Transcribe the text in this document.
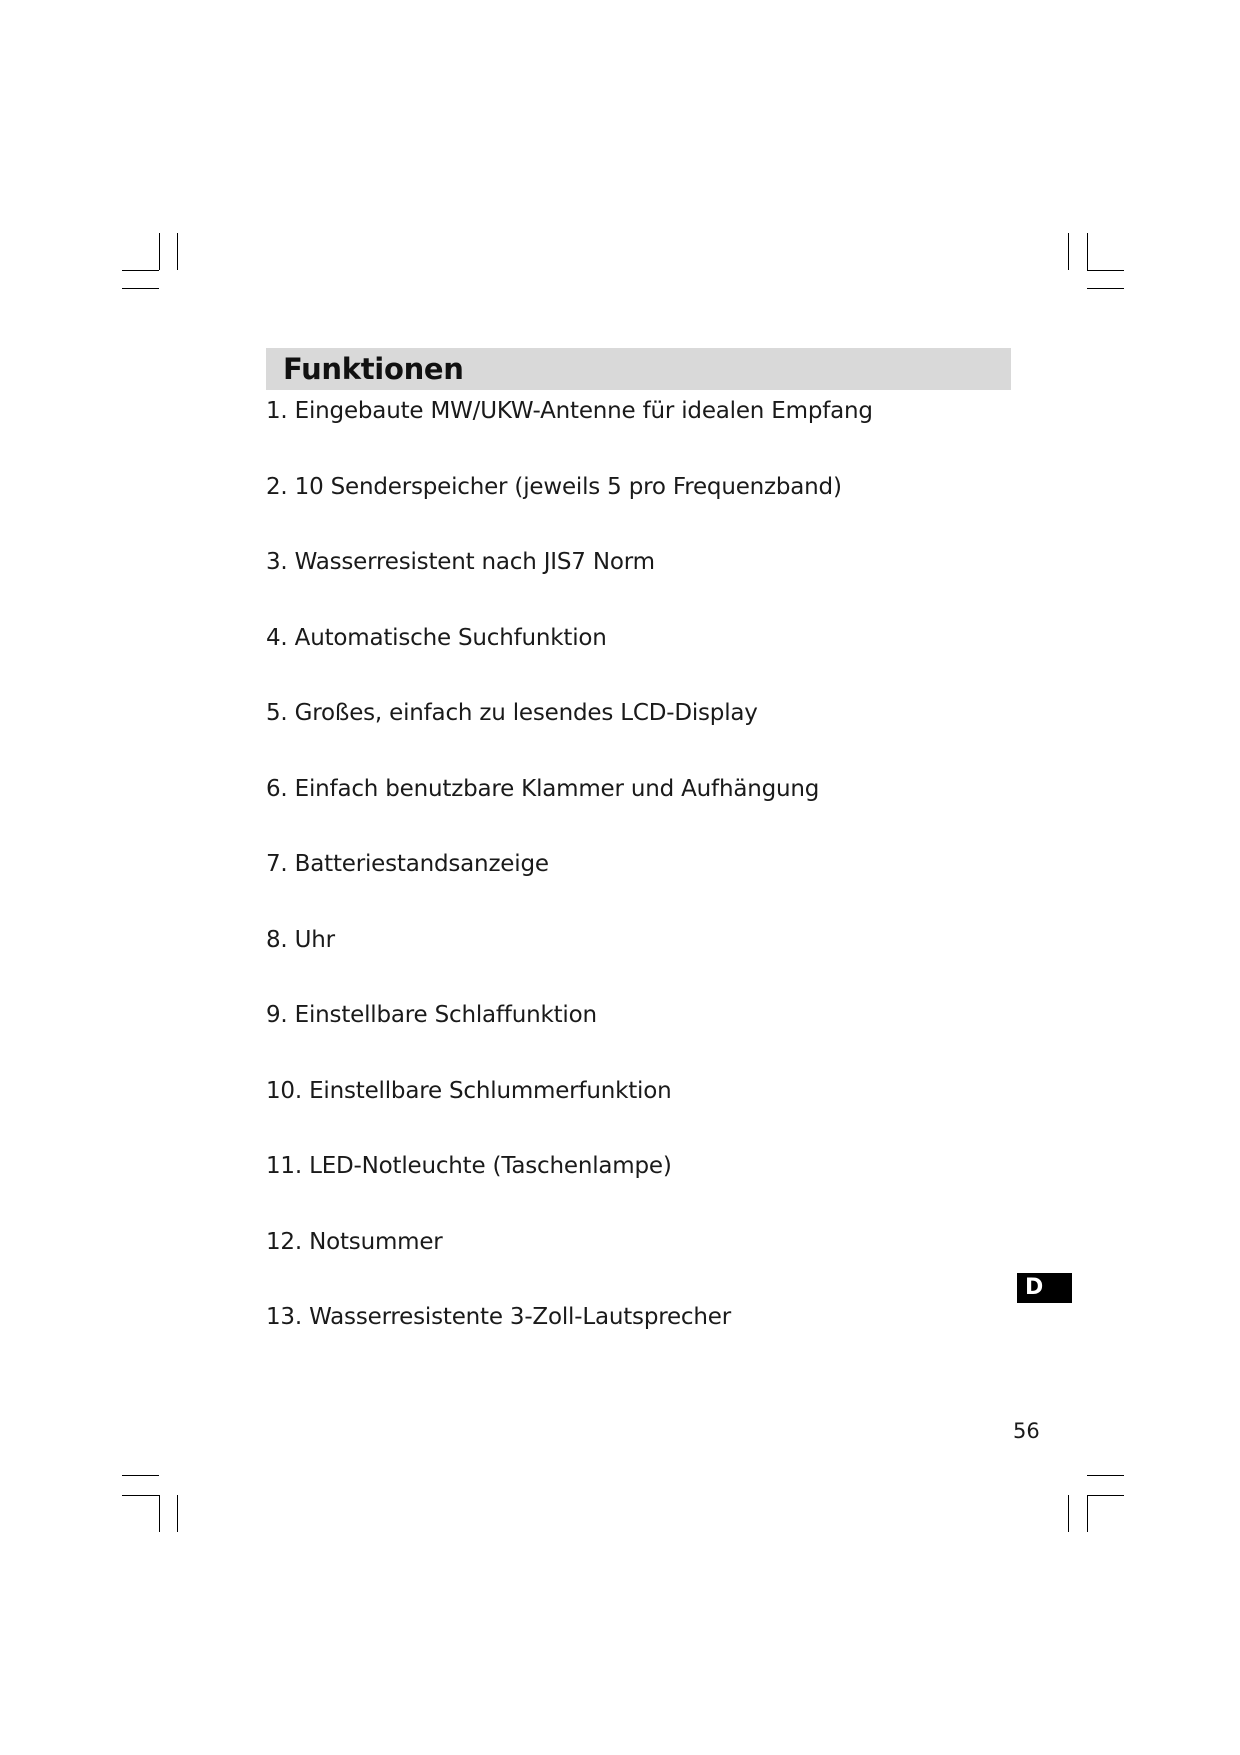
Funktionen
1. Eingebaute MW/UKW-Antenne für idealen Empfang
2. 10 Senderspeicher (jeweils 5 pro Frequenzband)
3. Wasserresistent nach JIS7 Norm
4. Automatische Suchfunktion
5. Großes, einfach zu lesendes LCD-Display
6. Einfach benutzbare Klammer und Aufhängung
7. Batteriestandsanzeige
8. Uhr
9. Einstellbare Schlaffunktion
10. Einstellbare Schlummerfunktion
11. LED-Notleuchte (Taschenlampe)
12. Notsummer
13. Wasserresistente 3-Zoll-Lautsprecher
D
56
